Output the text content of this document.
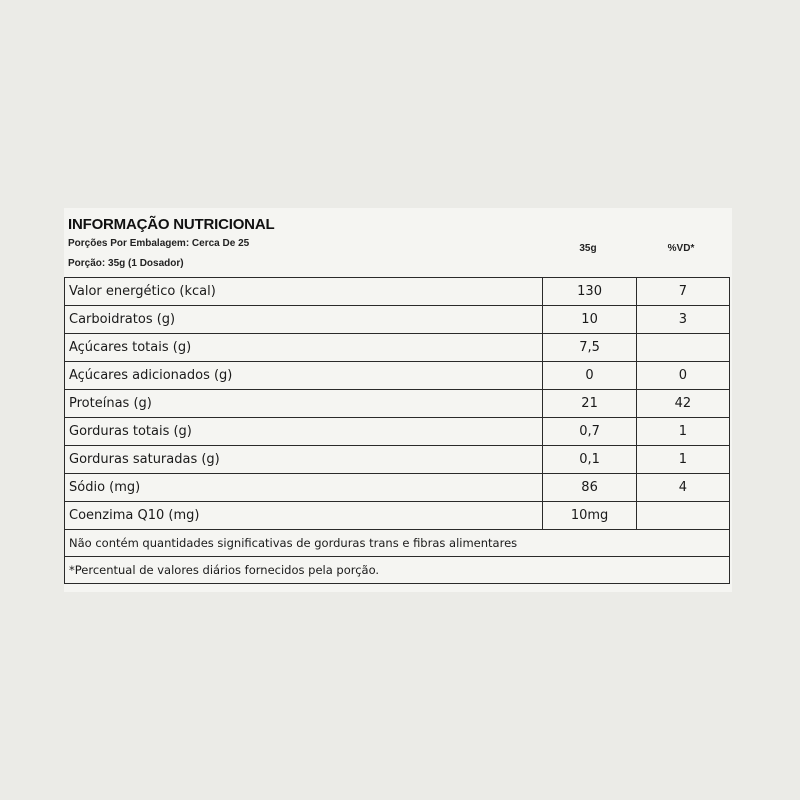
INFORMAÇÃO NUTRICIONAL
Porções Por Embalagem: Cerca De 25
Porção: 35g (1 Dosador)
35g	%VD*
Valor energético (kcal)	130	7
Carboidratos (g)	10	3
Açúcares totais (g)	7,5	
Açúcares adicionados (g)	0	0
Proteínas (g)	21	42
Gorduras totais (g)	0,7	1
Gorduras saturadas (g)	0,1	1
Sódio (mg)	86	4
Coenzima Q10 (mg)	10mg	
Não contém quantidades significativas de gorduras trans e fibras alimentares		
*Percentual de valores diários fornecidos pela porção.		
